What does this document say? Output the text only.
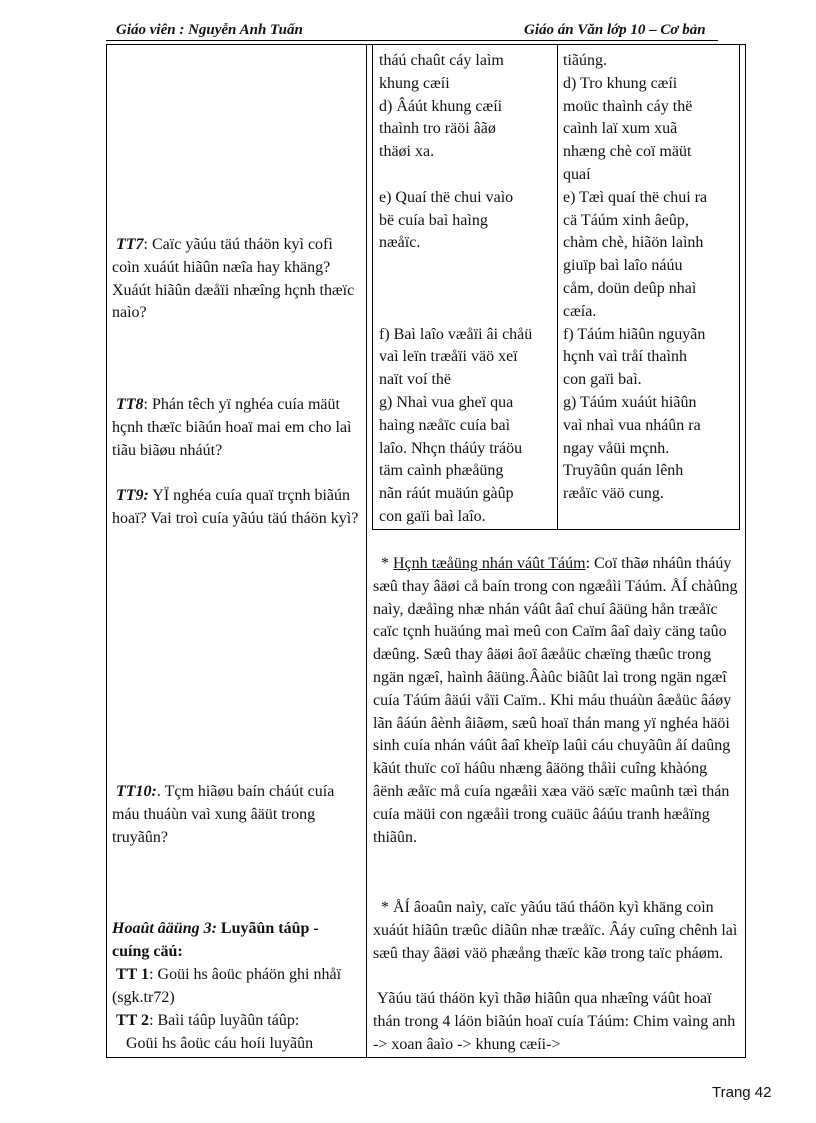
Giáo viên : Nguyễn Anh Tuấn	Giáo án Văn lớp 10 – Cơ bản
TT7: Caïc yãúu täú tháön kyì cofì coìn xuáút hiãûn næîa hay khäng? Xuáút hiãûn dæåïi nhæîng hçnh thæïc naìo?
TT8: Phán têch yï nghéa cuía mäüt hçnh thæïc biãún hoaï mai em cho laì tiãu biãøu nháút?
TT9: YÏ nghéa cuía quaï trçnh biãún hoaï? Vai troì cuía yãúu täú tháön kyì?
TT10:. Tçm hiãøu baín cháút cuía máu thuáùn vaì xung âäüt trong truyãûn?
Hoaût âäüng 3: Luyãûn táûp - cuíng cäú:
TT 1: Goüi hs âoüc pháön ghi nhåï (sgk.tr72)
TT 2: Baìi táûp luyãûn táûp:
Goüi hs âoüc cáu hoíi luyãûn
tháú chaût cáy laìm
khung cæíi
d) Âáút khung cæíi
thaình tro räöi âãø
thäøi xa.

e) Quaí thë chui vaìo
bë cuía baì haìng
næåïc.

f) Baì laîo væåïi âi chåü
vaì leïn træåïi väö xeï
naït voí thë
g) Nhaì vua gheï qua
haìng næåïc cuía baì
laîo. Nhçn tháúy tráöu
täm caình phæåüng
nãn ráút muäún gàûp
con gaïi baì laîo.
tiãúng.
d) Tro khung cæíi
moüc thaình cáy thë
caình laï xum xuã
nhæng chè coï mäüt
quaí
e) Tæì quaí thë chui ra
cä Táúm xinh âeûp,
chàm chè, hiãön laình
giuïp baì laîo náúu
cåm, doün deûp nhaì
cæía.
f) Táúm hiãûn nguyãn
hçnh vaì tråí thaình
con gaïi baì.
g) Táúm xuáút hiãûn
vaì nhaì vua nháûn ra
ngay våüi mçnh.
Truyãûn quán lênh
ræåïc väö cung.
* Hçnh tæåüng nhán váût Táúm: Coï thãø nháûn tháúy sæû thay âäøi cå baín trong con ngæåìi Táúm. ÅÍ chàûng naìy, dæåìng nhæ nhán váût âaî chuí âäüng hån træåïc caïc tçnh huäúng maì meû con Caïm âaî daìy cäng taûo dæûng. Sæû thay âäøi âoï âæåüc chæïng thæûc trong ngän ngæî, haình âäüng.Âàûc biãût laì trong ngän ngæî cuía Táúm âäúi våïi Caïm.. Khi máu thuáùn âæåüc âáøy lãn âáún âènh âiãøm, sæû hoaï thán mang yï nghéa häöi sinh cuía nhán váût âaî kheïp laûi cáu chuyãûn åí daûng kãút thuïc coï háûu nhæng âäöng thåìi cuîng khàóng âënh æåïc må cuía ngæåìi xæa väö sæïc maûnh tæì thán cuía mäüi con ngæåìi trong cuäüc âáúu tranh hæåïng thiãûn.
* ÅÍ âoaûn naìy, caïc yãúu täú tháön kyì khäng coìn xuáút hiãûn træûc diãûn nhæ træåïc. Âáy cuîng chênh laì sæû thay âäøi väö phæång thæïc kãø trong taïc pháøm.
Yãúu täú tháön kyì thãø hiãûn qua nhæîng váût hoaï thán trong 4 láön biãún hoaï cuía Táúm: Chim vaìng anh -> xoan âaìo -> khung cæíi->
Trang 42
